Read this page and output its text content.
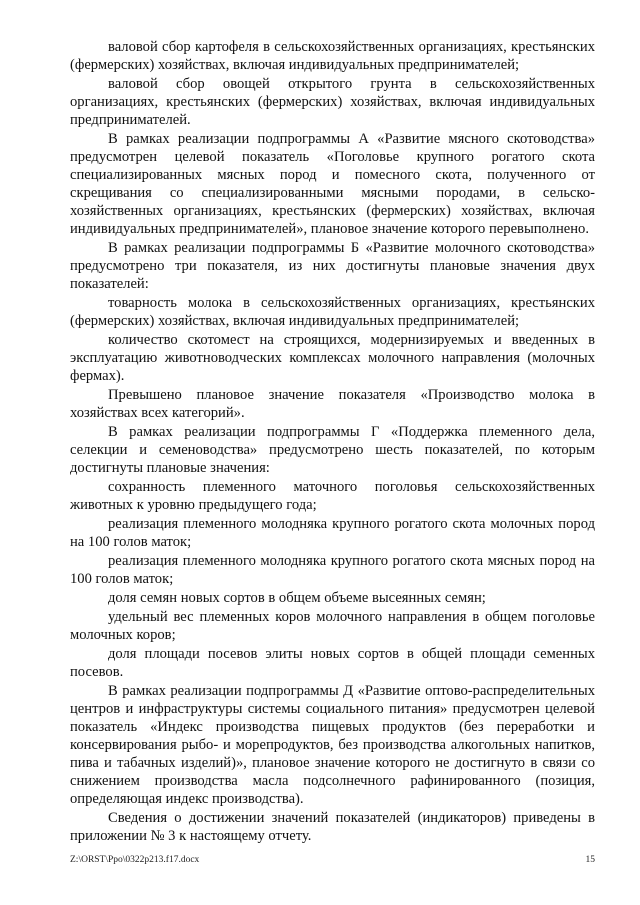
валовой сбор картофеля в сельскохозяйственных организациях, крестьянских (фермерских) хозяйствах, включая индивидуальных предпринимателей;

валовой сбор овощей открытого грунта в сельскохозяйственных организациях, крестьянских (фермерских) хозяйствах, включая индивидуальных предпринимателей.

В рамках реализации подпрограммы А «Развитие мясного скотоводства» предусмотрен целевой показатель «Поголовье крупного рогатого скота специализированных мясных пород и помесного скота, полученного от скрещивания со специализированными мясными породами, в сельско-хозяйственных организациях, крестьянских (фермерских) хозяйствах, включая индивидуальных предпринимателей», плановое значение которого перевыполнено.

В рамках реализации подпрограммы Б «Развитие молочного скотоводства» предусмотрено три показателя, из них достигнуты плановые значения двух показателей:

товарность молока в сельскохозяйственных организациях, крестьянских (фермерских) хозяйствах, включая индивидуальных предпринимателей;

количество скотомест на строящихся, модернизируемых и введенных в эксплуатацию животноводческих комплексах молочного направления (молочных фермах).

Превышено плановое значение показателя «Производство молока в хозяйствах всех категорий».

В рамках реализации подпрограммы Г «Поддержка племенного дела, селекции и семеноводства» предусмотрено шесть показателей, по которым достигнуты плановые значения:

сохранность племенного маточного поголовья сельскохозяйственных животных к уровню предыдущего года;

реализация племенного молодняка крупного рогатого скота молочных пород на 100 голов маток;

реализация племенного молодняка крупного рогатого скота мясных пород на 100 голов маток;

доля семян новых сортов в общем объеме высеянных семян;

удельный вес племенных коров молочного направления в общем поголовье молочных коров;

доля площади посевов элиты новых сортов в общей площади семенных посевов.

В рамках реализации подпрограммы Д «Развитие оптово-распределительных центров и инфраструктуры системы социального питания» предусмотрен целевой показатель «Индекс производства пищевых продуктов (без переработки и консервирования рыбо- и морепродуктов, без производства алкогольных напитков, пива и табачных изделий)», плановое значение которого не достигнуто в связи со снижением производства масла подсолнечного рафинированного (позиция, определяющая индекс производства).

Сведения о достижении значений показателей (индикаторов) приведены в приложении № 3 к настоящему отчету.

Z:\ORST\Ppo\0322p213.f17.docx	15
